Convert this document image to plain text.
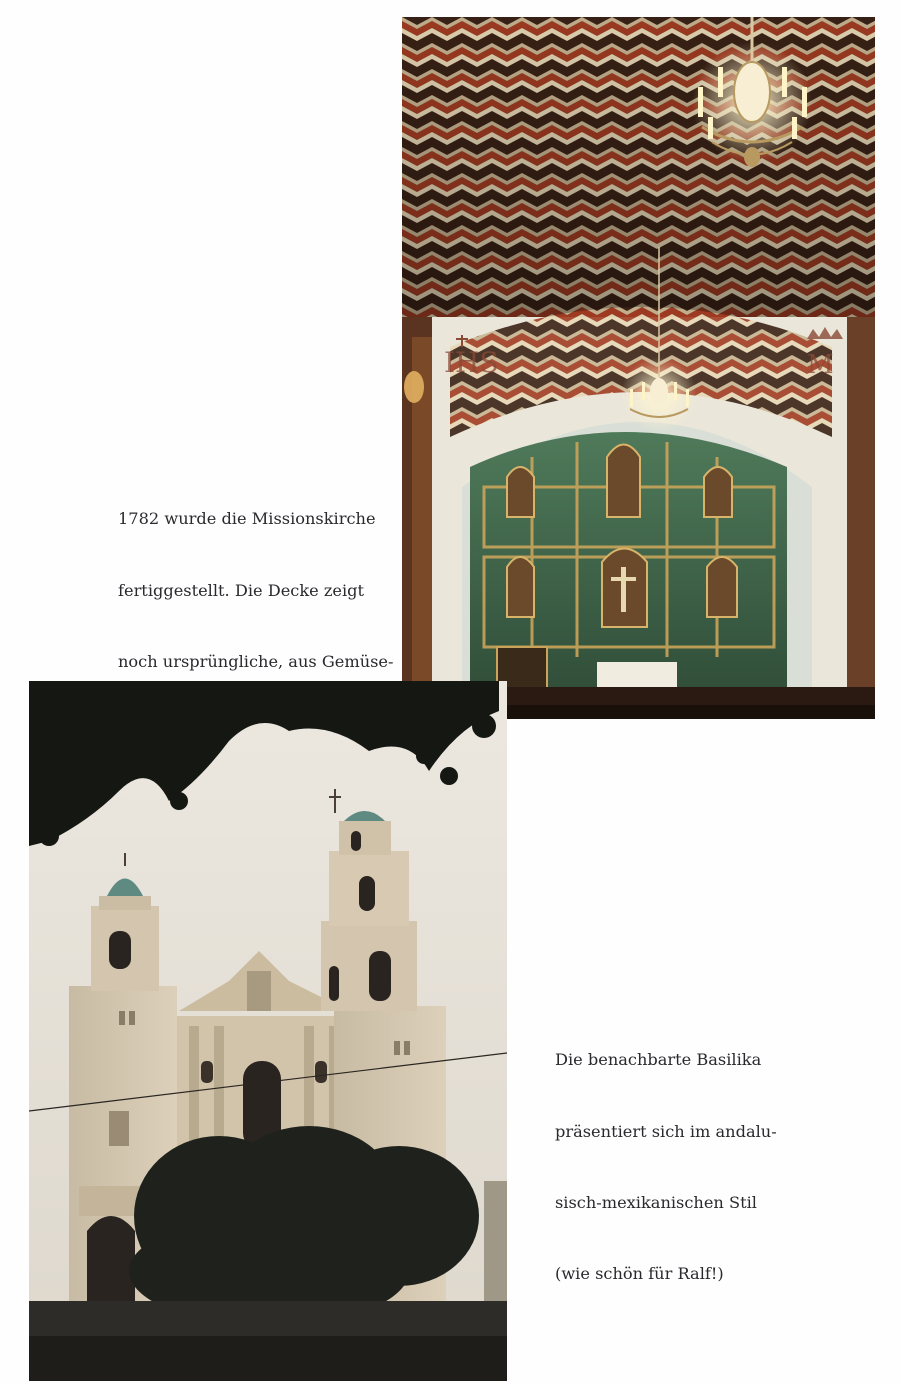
IHS	M

1782 wurde die Missionskirche

fertiggestellt. Die Decke zeigt

noch ursprüngliche, aus Gemüse-

Die benachbarte Basilika

präsentiert sich im andalu-

sisch-mexikanischen Stil

(wie schön für Ralf!)
